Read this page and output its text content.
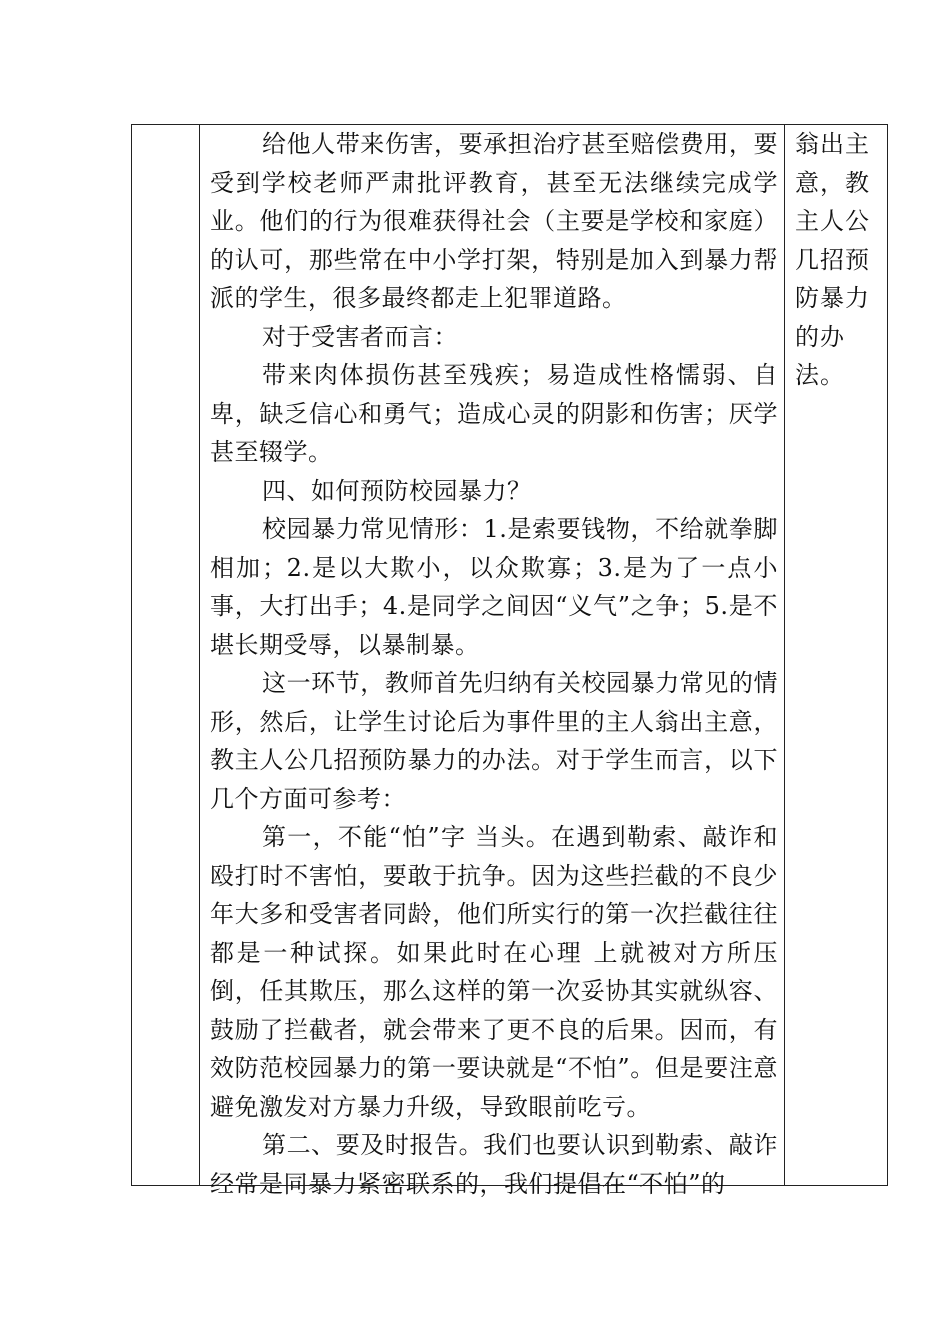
给他人带来伤害，要承担治疗甚至赔偿费用，要受到学校老师严肃批评教育，甚至无法继续完成学业。他们的行为很难获得社会（主要是学校和家庭）的认可，那些常在中小学打架，特别是加入到暴力帮派的学生，很多最终都走上犯罪道路。

对于受害者而言：

带来肉体损伤甚至残疾；易造成性格懦弱、自卑，缺乏信心和勇气；造成心灵的阴影和伤害；厌学甚至辍学。

四、如何预防校园暴力？

校园暴力常见情形：1.是索要钱物，不给就拳脚相加；2.是以大欺小，以众欺寡；3.是为了一点小事，大打出手；4.是同学之间因“义气”之争；5.是不堪长期受辱，以暴制暴。

这一环节，教师首先归纳有关校园暴力常见的情形，然后，让学生讨论后为事件里的主人翁出主意，教主人公几招预防暴力的办法。对于学生而言，以下几个方面可参考：

第一，不能“怕”字 当头。在遇到勒索、敲诈和殴打时不害怕，要敢于抗争。因为这些拦截的不良少年大多和受害者同龄，他们所实行的第一次拦截往往都是一种试探。如果此时在心理 上就被对方所压倒，任其欺压，那么这样的第一次妥协其实就纵容、鼓励了拦截者，就会带来了更不良的后果。因而，有效防范校园暴力的第一要诀就是“不怕”。但是要注意避免激发对方暴力升级，导致眼前吃亏。

第二、要及时报告。我们也要认识到勒索、敲诈经常是同暴力紧密联系的，我们提倡在“不怕”的

翁出主

意，教

主人公

几招预

防暴力

的办

法。
